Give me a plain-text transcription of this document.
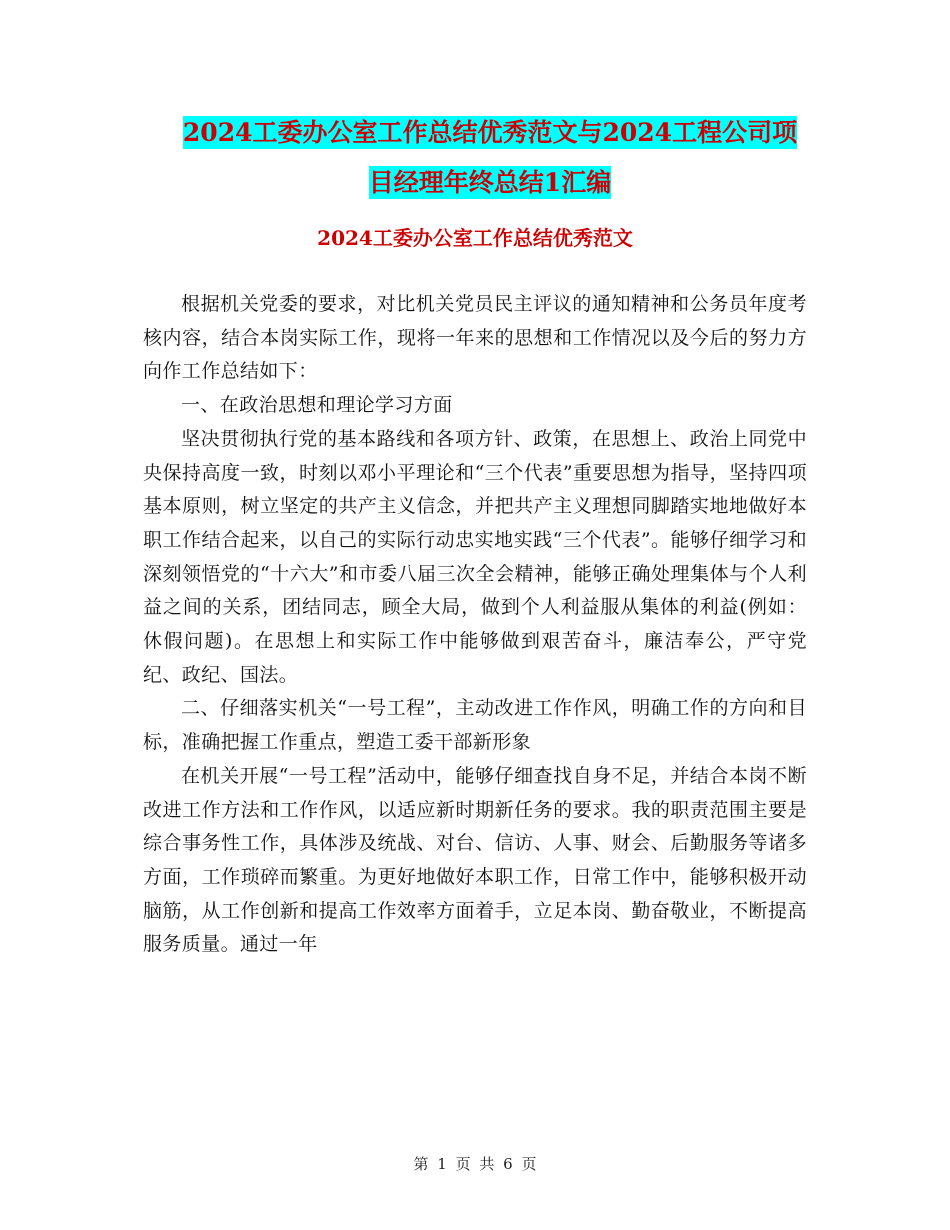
2024工委办公室工作总结优秀范文与2024工程公司项
目经理年终总结1汇编
2024工委办公室工作总结优秀范文

根据机关党委的要求，对比机关党员民主评议的通知精神和公务员年度考核内容，结合本岗实际工作，现将一年来的思想和工作情况以及今后的努力方向作工作总结如下：

一、在政治思想和理论学习方面

坚决贯彻执行党的基本路线和各项方针、政策，在思想上、政治上同党中央保持高度一致，时刻以邓小平理论和“三个代表”重要思想为指导，坚持四项基本原则，树立坚定的共产主义信念，并把共产主义理想同脚踏实地地做好本职工作结合起来，以自己的实际行动忠实地实践“三个代表”。能够仔细学习和深刻领悟党的“十六大”和市委八届三次全会精神，能够正确处理集体与个人利益之间的关系，团结同志，顾全大局，做到个人利益服从集体的利益(例如：休假问题)。在思想上和实际工作中能够做到艰苦奋斗，廉洁奉公，严守党纪、政纪、国法。

二、仔细落实机关“一号工程”，主动改进工作作风，明确工作的方向和目标，准确把握工作重点，塑造工委干部新形象

在机关开展“一号工程”活动中，能够仔细查找自身不足，并结合本岗不断改进工作方法和工作作风，以适应新时期新任务的要求。我的职责范围主要是综合事务性工作，具体涉及统战、对台、信访、人事、财会、后勤服务等诸多方面，工作琐碎而繁重。为更好地做好本职工作，日常工作中，能够积极开动脑筋，从工作创新和提高工作效率方面着手，立足本岗、勤奋敬业，不断提高服务质量。通过一年

第 1 页 共 6 页
